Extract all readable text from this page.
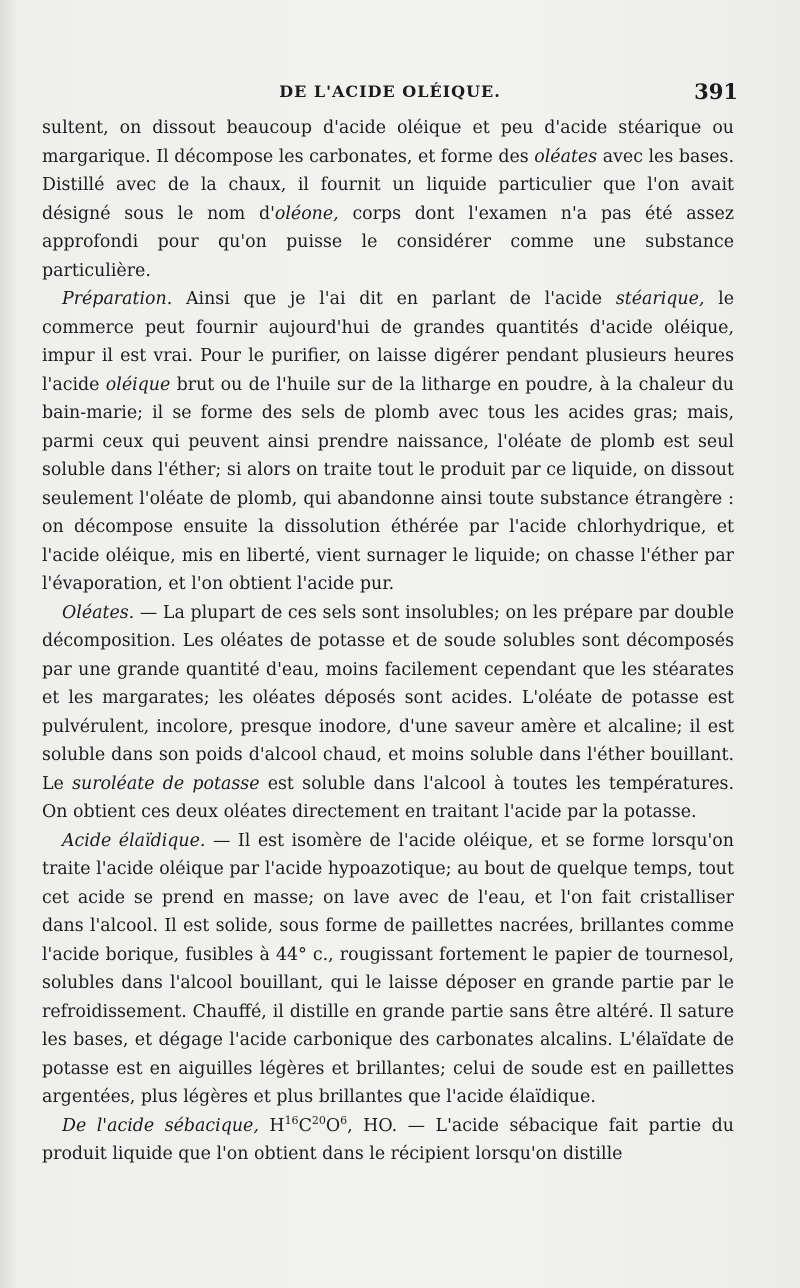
DE L'ACIDE OLÉIQUE.	391

sultent, on dissout beaucoup d'acide oléique et peu d'acide stéarique ou margarique. Il décompose les carbonates, et forme des oléates avec les bases. Distillé avec de la chaux, il fournit un liquide particulier que l'on avait désigné sous le nom d'oléone, corps dont l'examen n'a pas été assez approfondi pour qu'on puisse le considérer comme une substance particulière.

Préparation. Ainsi que je l'ai dit en parlant de l'acide stéarique, le commerce peut fournir aujourd'hui de grandes quantités d'acide oléique, impur il est vrai. Pour le purifier, on laisse digérer pendant plusieurs heures l'acide oléique brut ou de l'huile sur de la litharge en poudre, à la chaleur du bain-marie; il se forme des sels de plomb avec tous les acides gras; mais, parmi ceux qui peuvent ainsi prendre naissance, l'oléate de plomb est seul soluble dans l'éther; si alors on traite tout le produit par ce liquide, on dissout seulement l'oléate de plomb, qui abandonne ainsi toute substance étrangère : on décompose ensuite la dissolution éthérée par l'acide chlorhydrique, et l'acide oléique, mis en liberté, vient surnager le liquide; on chasse l'éther par l'évaporation, et l'on obtient l'acide pur.

Oléates. — La plupart de ces sels sont insolubles; on les prépare par double décomposition. Les oléates de potasse et de soude solubles sont décomposés par une grande quantité d'eau, moins facilement cependant que les stéarates et les margarates; les oléates déposés sont acides. L'oléate de potasse est pulvérulent, incolore, presque inodore, d'une saveur amère et alcaline; il est soluble dans son poids d'alcool chaud, et moins soluble dans l'éther bouillant. Le suroléate de potasse est soluble dans l'alcool à toutes les températures. On obtient ces deux oléates directement en traitant l'acide par la potasse.

Acide élaïdique. — Il est isomère de l'acide oléique, et se forme lorsqu'on traite l'acide oléique par l'acide hypoazotique; au bout de quelque temps, tout cet acide se prend en masse; on lave avec de l'eau, et l'on fait cristalliser dans l'alcool. Il est solide, sous forme de paillettes nacrées, brillantes comme l'acide borique, fusibles à 44° c., rougissant fortement le papier de tournesol, solubles dans l'alcool bouillant, qui le laisse déposer en grande partie par le refroidissement. Chauffé, il distille en grande partie sans être altéré. Il sature les bases, et dégage l'acide carbonique des carbonates alcalins. L'élaïdate de potasse est en aiguilles légères et brillantes; celui de soude est en paillettes argentées, plus légères et plus brillantes que l'acide élaïdique.

De l'acide sébacique, $H^{16}C^{20}O^6$, HO. — L'acide sébacique fait partie du produit liquide que l'on obtient dans le récipient lorsqu'on distille
